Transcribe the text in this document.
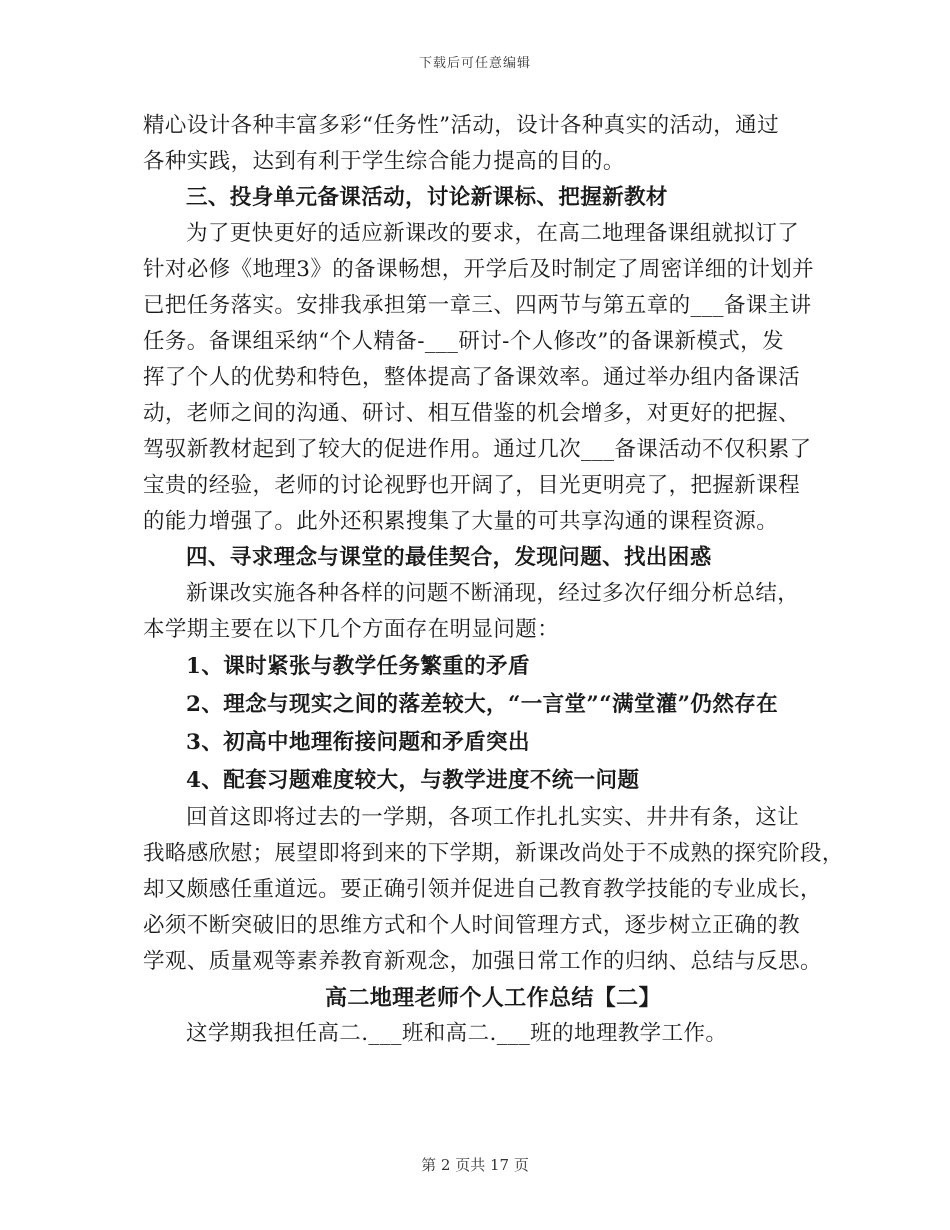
下载后可任意编辑
精心设计各种丰富多彩“任务性”活动，设计各种真实的活动，通过
各种实践，达到有利于学生综合能力提高的目的。
三、投身单元备课活动，讨论新课标、把握新教材
为了更快更好的适应新课改的要求，在高二地理备课组就拟订了
针对必修《地理3》的备课畅想，开学后及时制定了周密详细的计划并
已把任务落实。安排我承担第一章三、四两节与第五章的___备课主讲
任务。备课组采纳“个人精备-___研讨-个人修改”的备课新模式，发
挥了个人的优势和特色，整体提高了备课效率。通过举办组内备课活
动，老师之间的沟通、研讨、相互借鉴的机会增多，对更好的把握、
驾驭新教材起到了较大的促进作用。通过几次___备课活动不仅积累了
宝贵的经验，老师的讨论视野也开阔了，目光更明亮了，把握新课程
的能力增强了。此外还积累搜集了大量的可共享沟通的课程资源。
四、寻求理念与课堂的最佳契合，发现问题、找出困惑
新课改实施各种各样的问题不断涌现，经过多次仔细分析总结，
本学期主要在以下几个方面存在明显问题：
1、课时紧张与教学任务繁重的矛盾
2、理念与现实之间的落差较大，“一言堂”“满堂灌”仍然存在
3、初高中地理衔接问题和矛盾突出
4、配套习题难度较大，与教学进度不统一问题
回首这即将过去的一学期，各项工作扎扎实实、井井有条，这让
我略感欣慰；展望即将到来的下学期，新课改尚处于不成熟的探究阶段，
却又颇感任重道远。要正确引领并促进自己教育教学技能的专业成长，
必须不断突破旧的思维方式和个人时间管理方式，逐步树立正确的教
学观、质量观等素养教育新观念，加强日常工作的归纳、总结与反思。
高二地理老师个人工作总结【二】
这学期我担任高二.___班和高二.___班的地理教学工作。
第 2 页共 17 页
